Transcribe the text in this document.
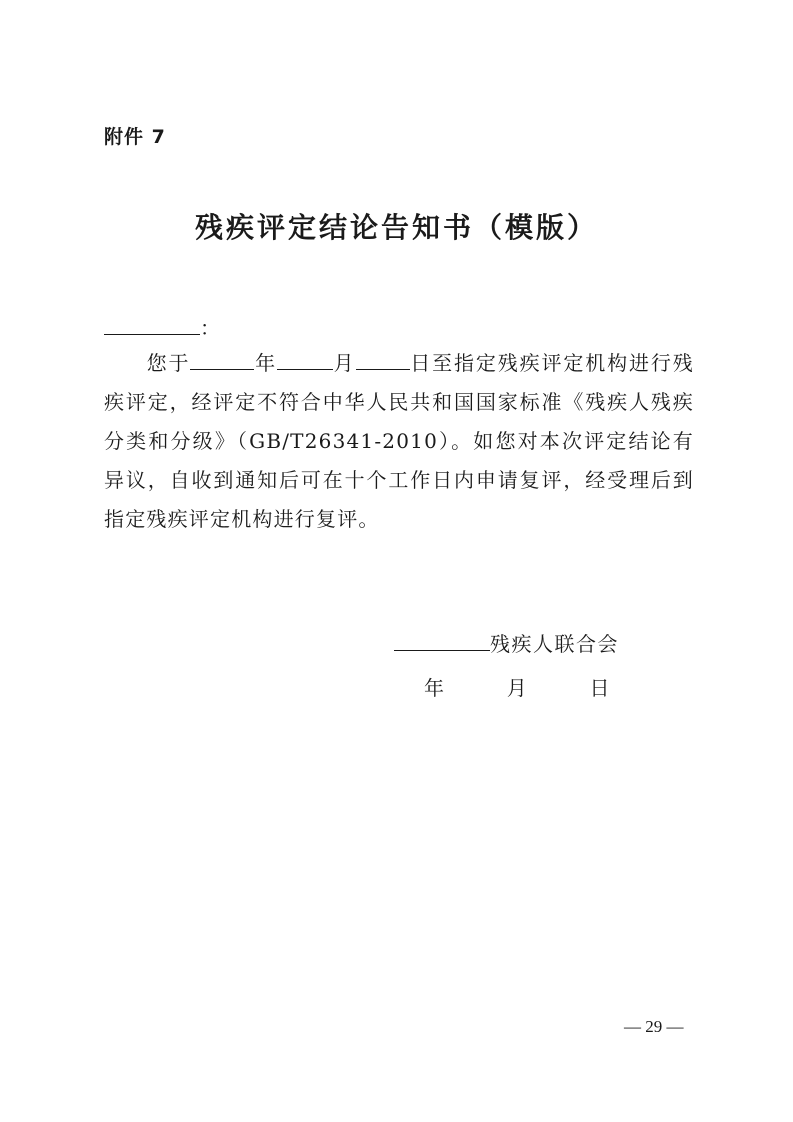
附件 7
残疾评定结论告知书（模版）
：

您于	年	月	日至指定残疾评定机构进行残疾评定，经评定不符合中华人民共和国国家标准《残疾人残疾分类和分级》（GB/T26341-2010）。如您对本次评定结论有异议，自收到通知后可在十个工作日内申请复评，经受理后到指定残疾评定机构进行复评。

残疾人联合会
年	月	日
— 29 —
